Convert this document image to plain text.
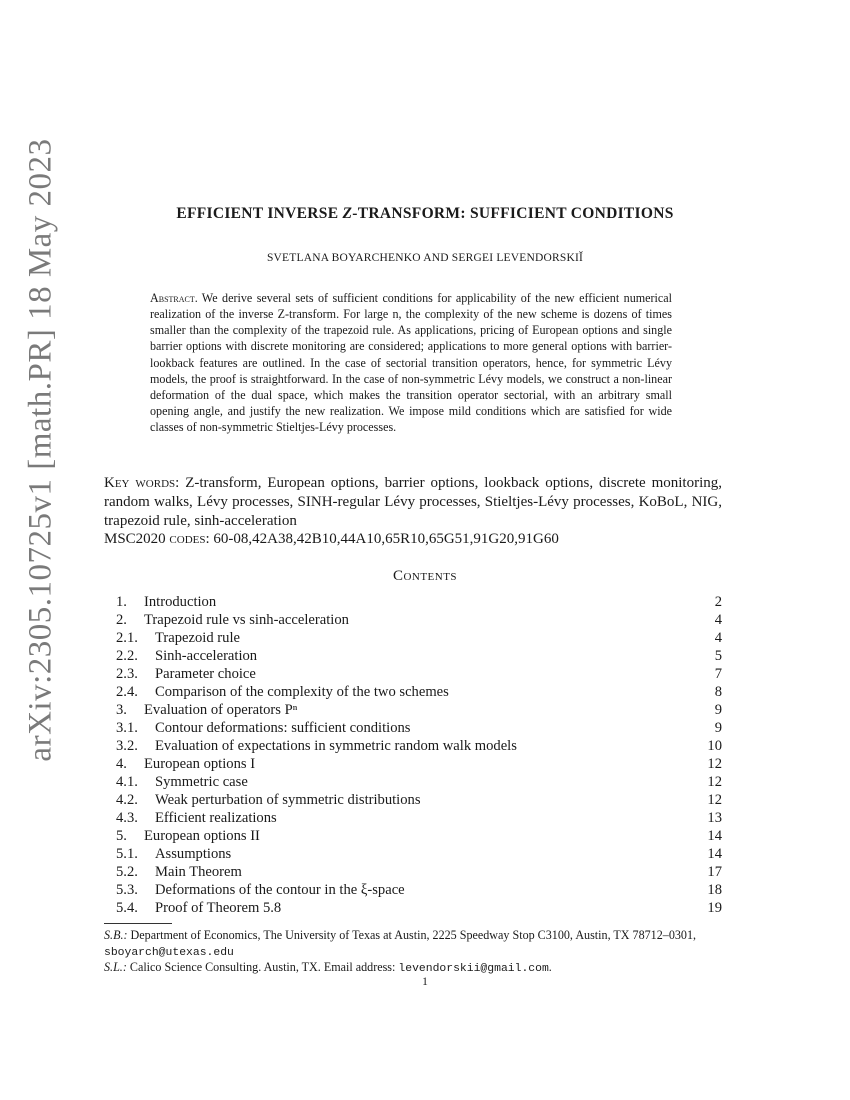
arXiv:2305.10725v1 [math.PR] 18 May 2023	EFFICIENT INVERSE Z-TRANSFORM: SUFFICIENT CONDITIONS
SVETLANA BOYARCHENKO AND SERGEI LEVENDORSKIĬ
Abstract. We derive several sets of sufficient conditions for applicability of the new efficient numerical realization of the inverse Z-transform. For large n, the complexity of the new scheme is dozens of times smaller than the complexity of the trapezoid rule. As applications, pricing of European options and single barrier options with discrete monitoring are considered; applications to more general options with barrier-lookback features are outlined. In the case of sectorial transition operators, hence, for symmetric Lévy models, the proof is straightforward. In the case of non-symmetric Lévy models, we construct a non-linear deformation of the dual space, which makes the transition operator sectorial, with an arbitrary small opening angle, and justify the new realization. We impose mild conditions which are satisfied for wide classes of non-symmetric Stieltjes-Lévy processes.
Key words: Z-transform, European options, barrier options, lookback options, discrete monitoring, random walks, Lévy processes, SINH-regular Lévy processes, Stieltjes-Lévy processes, KoBoL, NIG, trapezoid rule, sinh-acceleration
MSC2020 codes: 60-08,42A38,42B10,44A10,65R10,65G51,91G20,91G60
Contents
1. Introduction	2
2. Trapezoid rule vs sinh-acceleration	4
2.1. Trapezoid rule	4
2.2. Sinh-acceleration	5
2.3. Parameter choice	7
2.4. Comparison of the complexity of the two schemes	8
3. Evaluation of operators Pⁿ	9
3.1. Contour deformations: sufficient conditions	9
3.2. Evaluation of expectations in symmetric random walk models	10
4. European options I	12
4.1. Symmetric case	12
4.2. Weak perturbation of symmetric distributions	12
4.3. Efficient realizations	13
5. European options II	14
5.1. Assumptions	14
5.2. Main Theorem	17
5.3. Deformations of the contour in the ξ-space	18
5.4. Proof of Theorem 5.8	19
S.B.: Department of Economics, The University of Texas at Austin, 2225 Speedway Stop C3100, Austin, TX 78712–0301, sboyarch@utexas.edu
S.L.: Calico Science Consulting. Austin, TX. Email address: levendorskii@gmail.com.
1
